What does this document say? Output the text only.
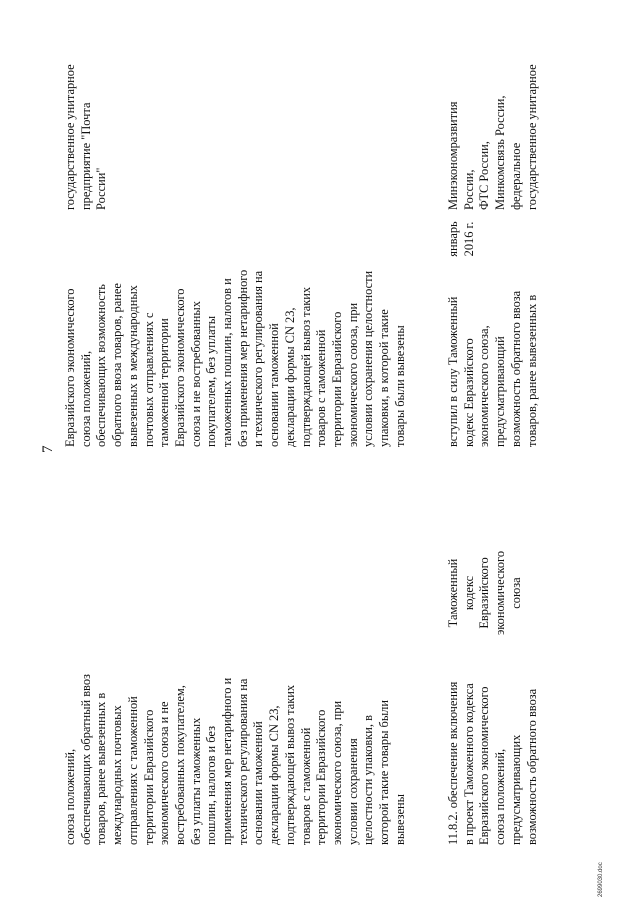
7
союза положений,
обеспечивающих обратный ввоз
товаров, ранее вывезенных в
международных почтовых
отправлениях с таможенной
территории Евразийского
экономического союза и не
востребованных покупателем,
без уплаты таможенных
пошлин, налогов и без
применения мер нетарифного и
технического регулирования на
основании таможенной
декларации формы CN 23,
подтверждающей вывоз таких
товаров с таможенной
территории Евразийского
экономического союза, при
условии сохранения
целостности упаковки, в
которой такие товары были
вывезены
Евразийского экономического
союза положений,
обеспечивающих возможность
обратного ввоза товаров, ранее
вывезенных в международных
почтовых отправлениях с
таможенной территории
Евразийского экономического
союза и не востребованных
покупателем, без уплаты
таможенных пошлин, налогов и
без применения мер нетарифного
и технического регулирования на
основании таможенной
декларации формы CN 23,
подтверждающей вывоз таких
товаров с таможенной
территории Евразийского
экономического союза, при
условии сохранения целостности
упаковки, в которой такие
товары были вывезены
государственное унитарное
предприятие "Почта
России"
11.8.2. обеспечение включения
в проект Таможенного кодекса
Евразийского экономического
союза положений,
предусматривающих
возможность обратного ввоза
Таможенный
кодекс
Евразийского
экономического
союза
вступил в силу Таможенный
кодекс Евразийского
экономического союза,
предусматривающий
возможность обратного ввоза
товаров, ранее вывезенных в
январь
2016 г.
Минэкономразвития
России,
ФТС России,
Минкомсвязь России,
федеральное
государственное унитарное
2699030.doc
